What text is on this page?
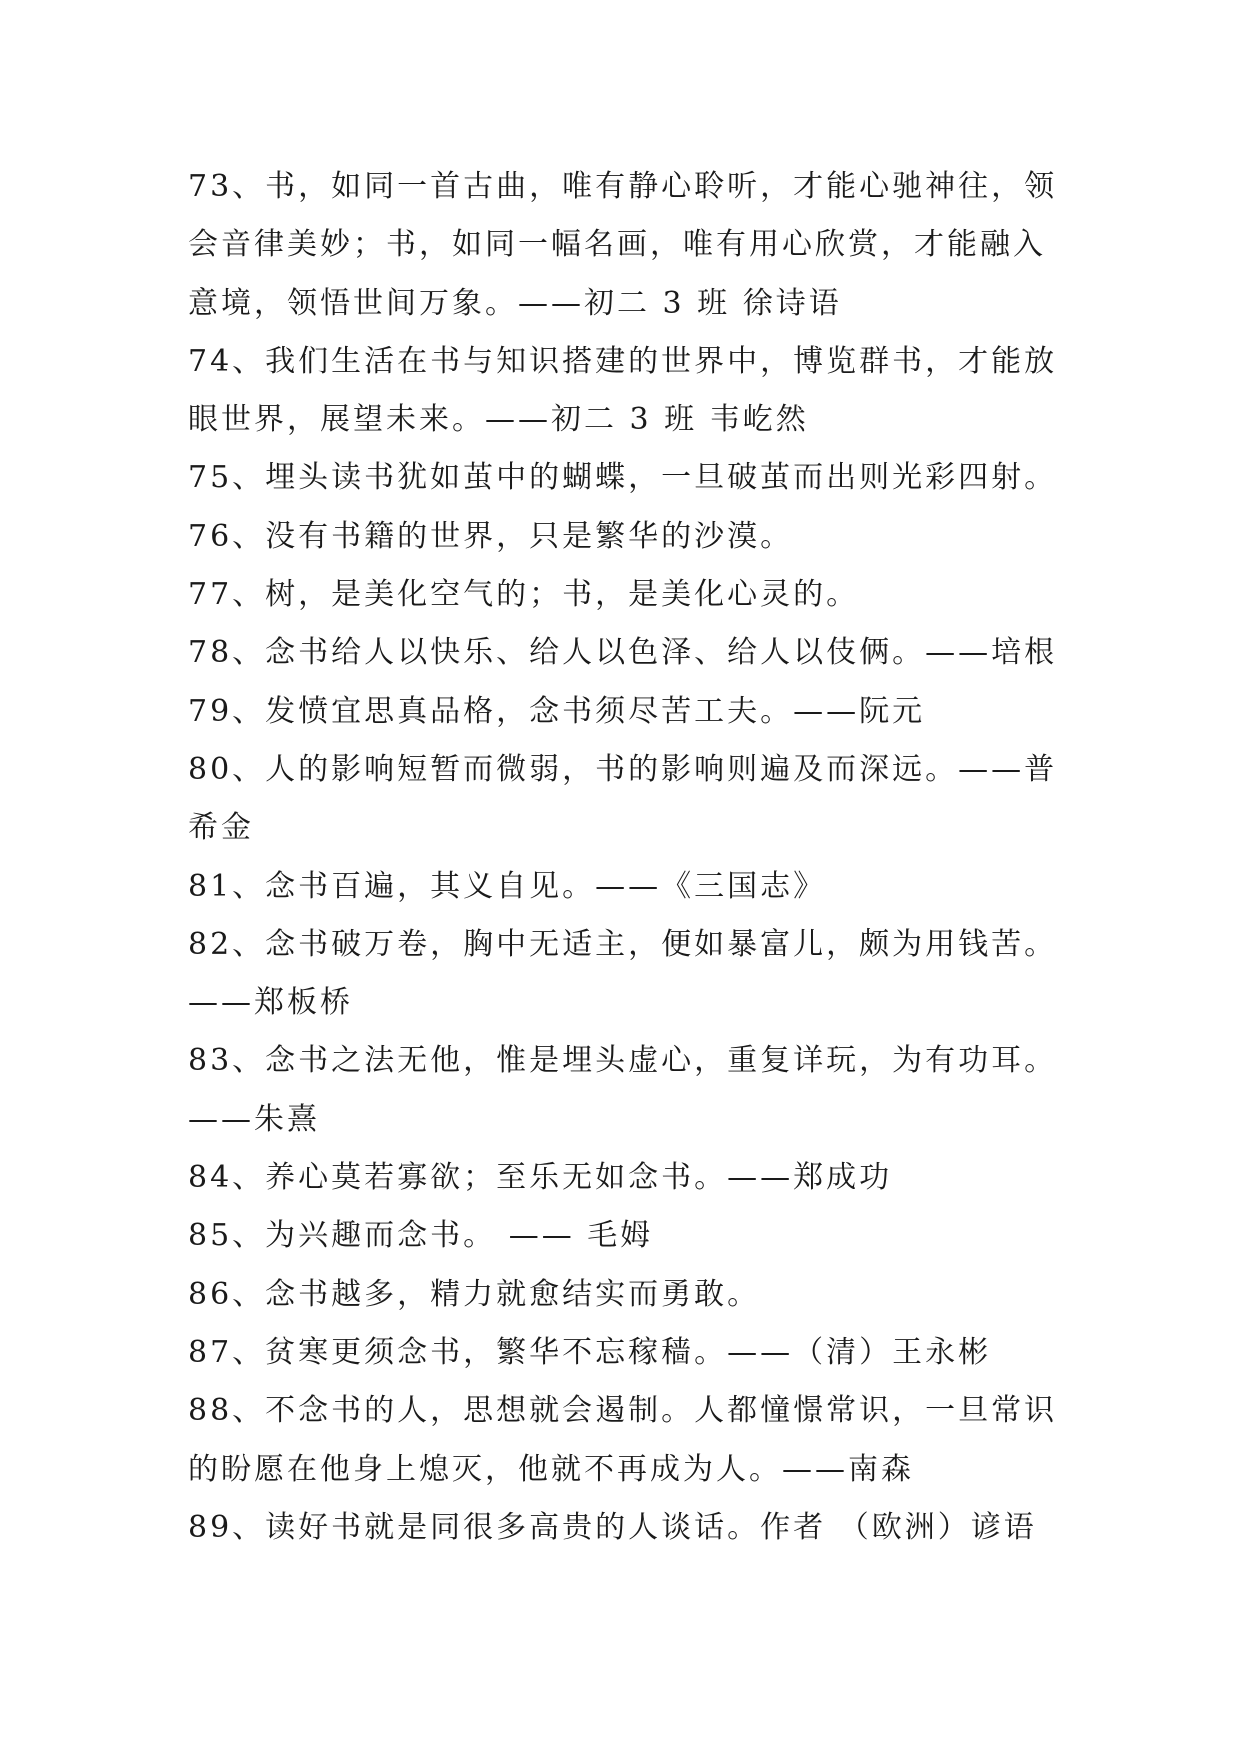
73、书，如同一首古曲，唯有静心聆听，才能心驰神往，领
会音律美妙；书，如同一幅名画，唯有用心欣赏，才能融入
意境，领悟世间万象。——初二 3 班 徐诗语
74、我们生活在书与知识搭建的世界中，博览群书，才能放
眼世界，展望未来。——初二 3 班 韦屹然
75、埋头读书犹如茧中的蝴蝶，一旦破茧而出则光彩四射。
76、没有书籍的世界，只是繁华的沙漠。
77、树，是美化空气的；书，是美化心灵的。
78、念书给人以快乐、给人以色泽、给人以伎俩。——培根
79、发愤宜思真品格，念书须尽苦工夫。——阮元
80、人的影响短暂而微弱，书的影响则遍及而深远。——普
希金
81、念书百遍，其义自见。——《三国志》
82、念书破万卷，胸中无适主，便如暴富儿，颇为用钱苦。
——郑板桥
83、念书之法无他，惟是埋头虚心，重复详玩，为有功耳。
——朱熹
84、养心莫若寡欲；至乐无如念书。——郑成功
85、为兴趣而念书。 —— 毛姆
86、念书越多，精力就愈结实而勇敢。
87、贫寒更须念书，繁华不忘稼穑。——（清）王永彬
88、不念书的人，思想就会遏制。人都憧憬常识，一旦常识
的盼愿在他身上熄灭，他就不再成为人。——南森
89、读好书就是同很多高贵的人谈话。作者 （欧洲）谚语
